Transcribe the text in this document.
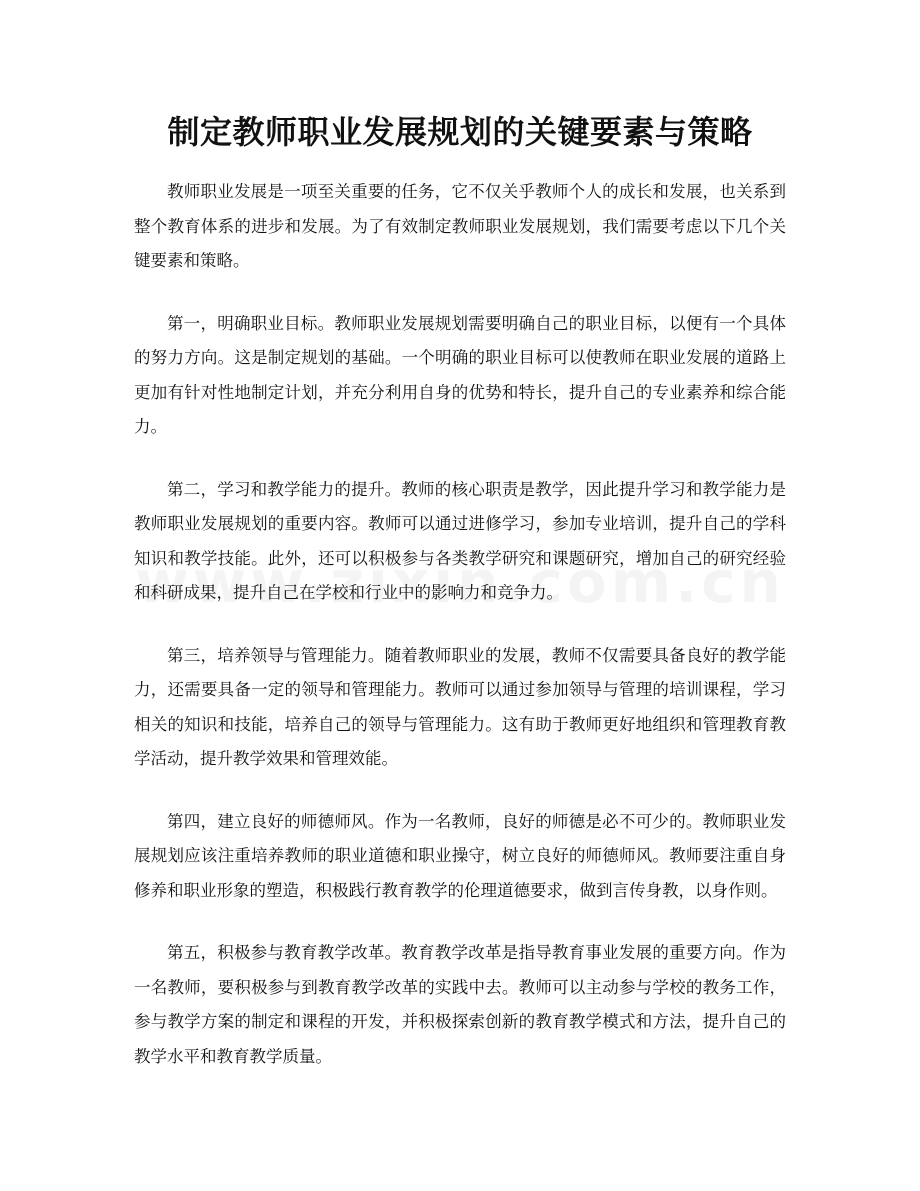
制定教师职业发展规划的关键要素与策略

教师职业发展是一项至关重要的任务，它不仅关乎教师个人的成长和发展，也关系到整个教育体系的进步和发展。为了有效制定教师职业发展规划，我们需要考虑以下几个关键要素和策略。

第一，明确职业目标。教师职业发展规划需要明确自己的职业目标，以便有一个具体的努力方向。这是制定规划的基础。一个明确的职业目标可以使教师在职业发展的道路上更加有针对性地制定计划，并充分利用自身的优势和特长，提升自己的专业素养和综合能力。

第二，学习和教学能力的提升。教师的核心职责是教学，因此提升学习和教学能力是教师职业发展规划的重要内容。教师可以通过进修学习，参加专业培训，提升自己的学科知识和教学技能。此外，还可以积极参与各类教学研究和课题研究，增加自己的研究经验和科研成果，提升自己在学校和行业中的影响力和竞争力。

第三，培养领导与管理能力。随着教师职业的发展，教师不仅需要具备良好的教学能力，还需要具备一定的领导和管理能力。教师可以通过参加领导与管理的培训课程，学习相关的知识和技能，培养自己的领导与管理能力。这有助于教师更好地组织和管理教育教学活动，提升教学效果和管理效能。

第四，建立良好的师德师风。作为一名教师，良好的师德是必不可少的。教师职业发展规划应该注重培养教师的职业道德和职业操守，树立良好的师德师风。教师要注重自身修养和职业形象的塑造，积极践行教育教学的伦理道德要求，做到言传身教，以身作则。

第五，积极参与教育教学改革。教育教学改革是指导教育事业发展的重要方向。作为一名教师，要积极参与到教育教学改革的实践中去。教师可以主动参与学校的教务工作，参与教学方案的制定和课程的开发，并积极探索创新的教育教学模式和方法，提升自己的教学水平和教育教学质量。
